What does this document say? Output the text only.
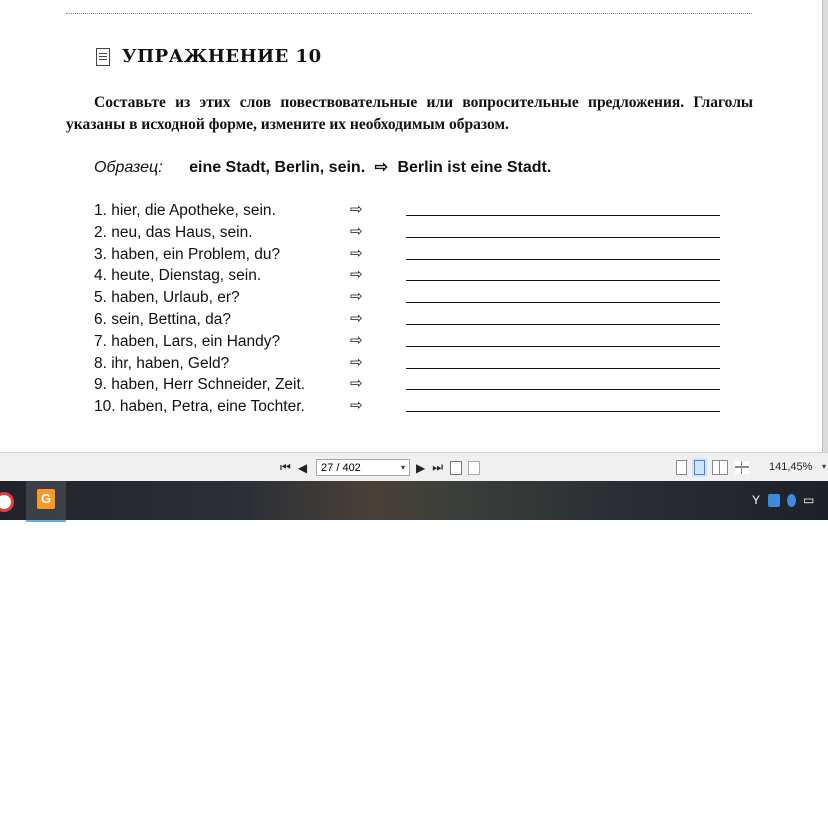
УПРАЖНЕНИЕ 10
Составьте из этих слов повествовательные или вопросительные предложения. Глаголы указаны в исходной форме, измените их необходимым образом.
Образец: eine Stadt, Berlin, sein. ⇨ Berlin ist eine Stadt.
1. hier, die Apotheke, sein.	⇨
2. neu, das Haus, sein.	⇨
3. haben, ein Problem, du?	⇨
4. heute, Dienstag, sein.	⇨
5. haben, Urlaub, er?	⇨
6. sein, Bettina, da?	⇨
7. haben, Lars, ein Handy?	⇨
8. ihr, haben, Geld?	⇨
9. haben, Herr Schneider, Zeit.	⇨
10. haben, Petra, eine Tochter.	⇨
⏮ ◀ 27 / 402	▾ ▶ ⏭	141,45% ▾
G	Y	▭
